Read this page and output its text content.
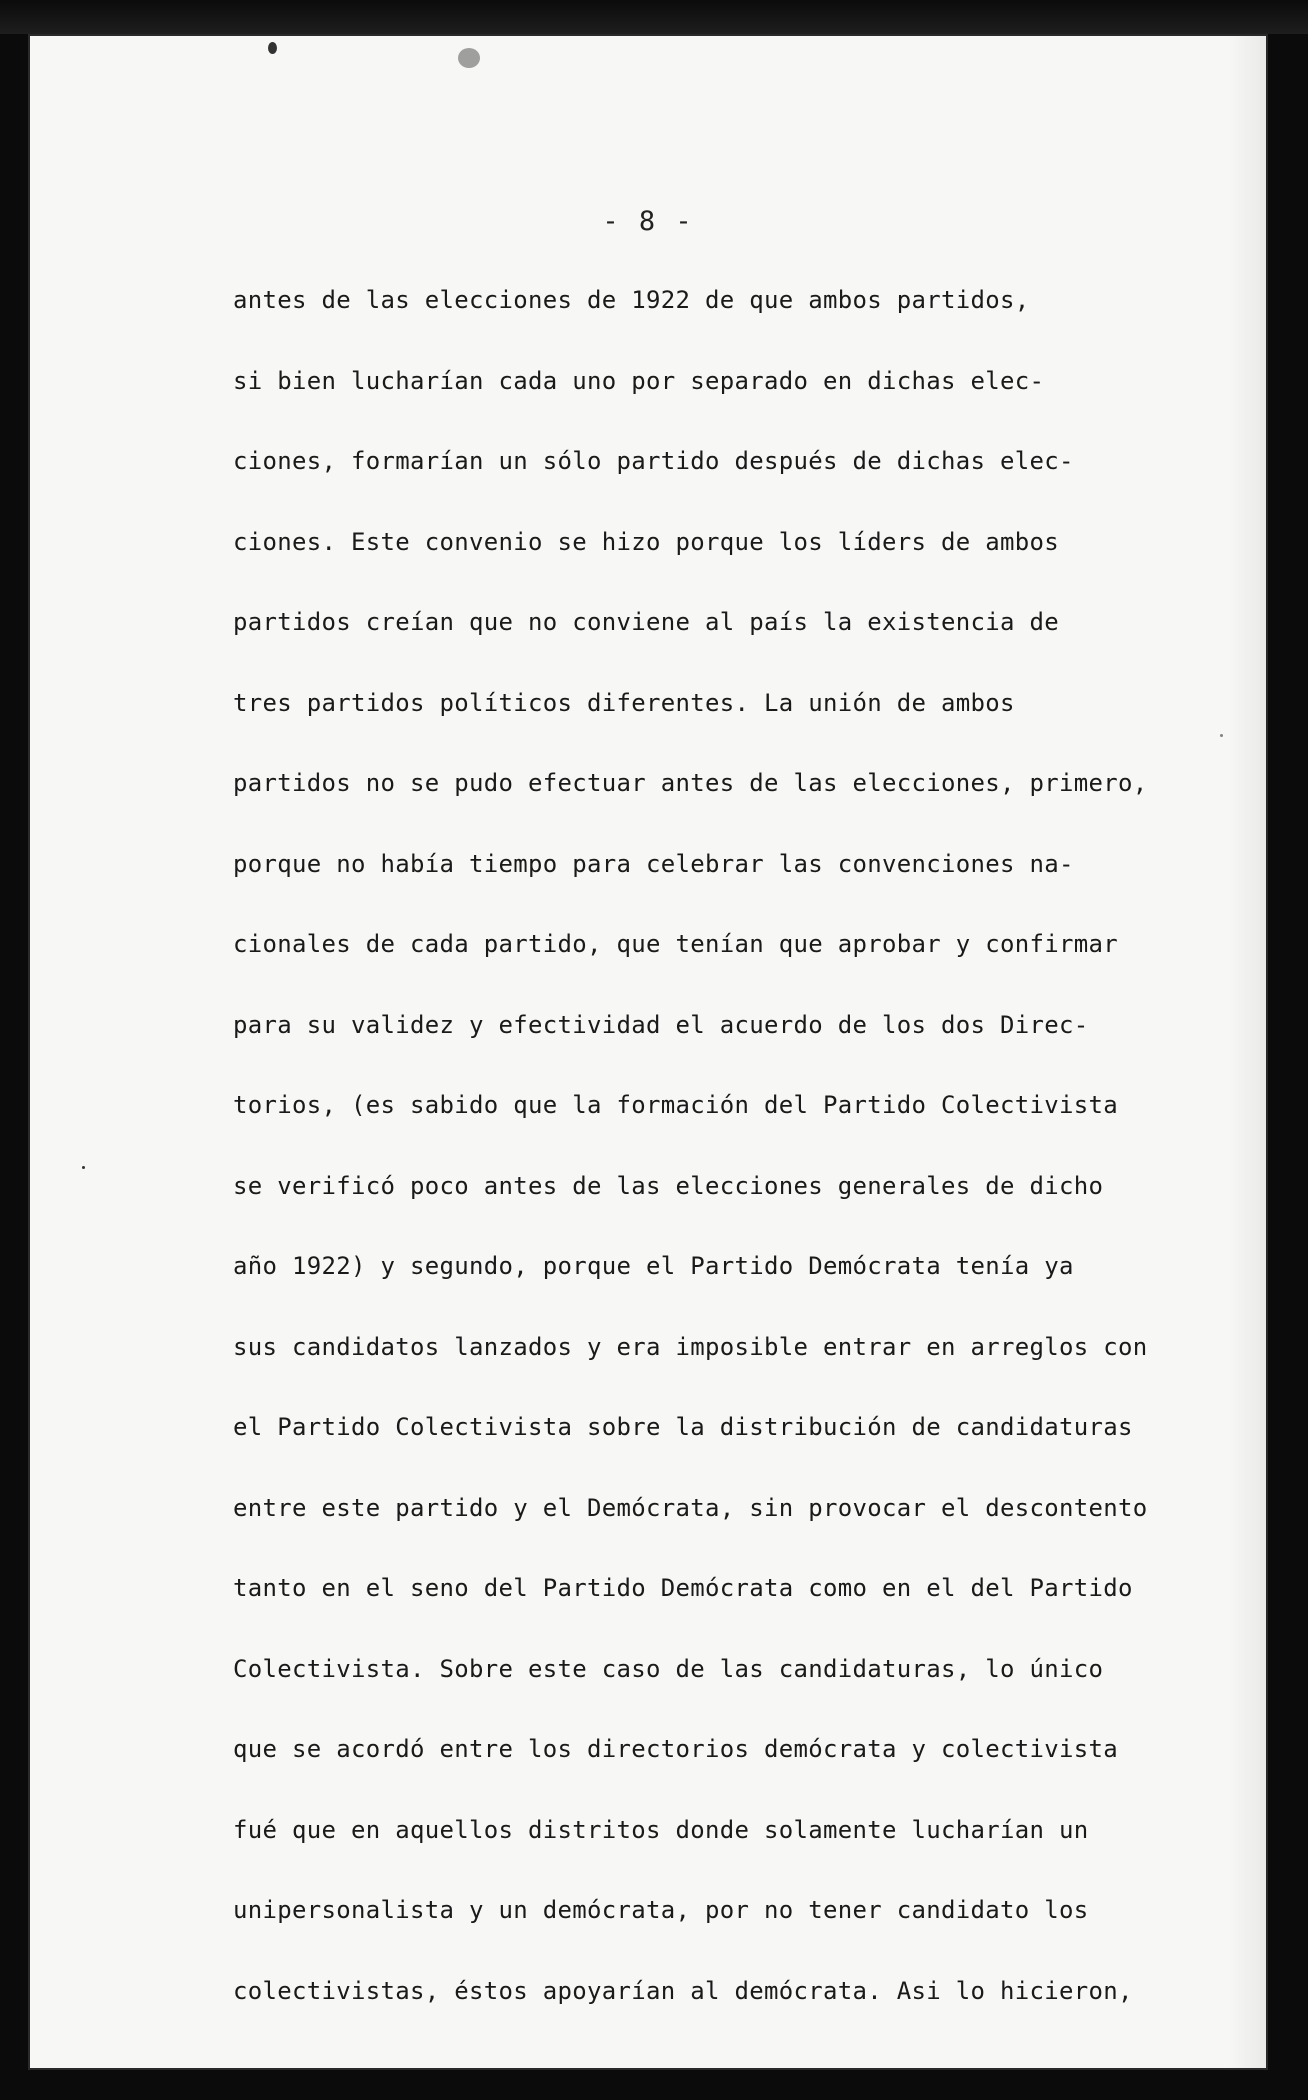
- 8 -
antes de las elecciones de 1922 de que ambos partidos,
si bien lucharían cada uno por separado en dichas elec-
ciones, formarían un sólo partido después de dichas elec-
ciones. Este convenio se hizo porque los líders de ambos
partidos creían que no conviene al país la existencia de
tres partidos políticos diferentes. La unión de ambos
partidos no se pudo efectuar antes de las elecciones, primero,
porque no había tiempo para celebrar las convenciones na-
cionales de cada partido, que tenían que aprobar y confirmar
para su validez y efectividad el acuerdo de los dos Direc-
torios, (es sabido que la formación del Partido Colectivista
se verificó poco antes de las elecciones generales de dicho
año 1922) y segundo, porque el Partido Demócrata tenía ya
sus candidatos lanzados y era imposible entrar en arreglos con
el Partido Colectivista sobre la distribución de candidaturas
entre este partido y el Demócrata, sin provocar el descontento
tanto en el seno del Partido Demócrata como en el del Partido
Colectivista. Sobre este caso de las candidaturas, lo único
que se acordó entre los directorios demócrata y colectivista
fué que en aquellos distritos donde solamente lucharían un
unipersonalista y un demócrata, por no tener candidato los
colectivistas, éstos apoyarían al demócrata. Asi lo hicieron,
